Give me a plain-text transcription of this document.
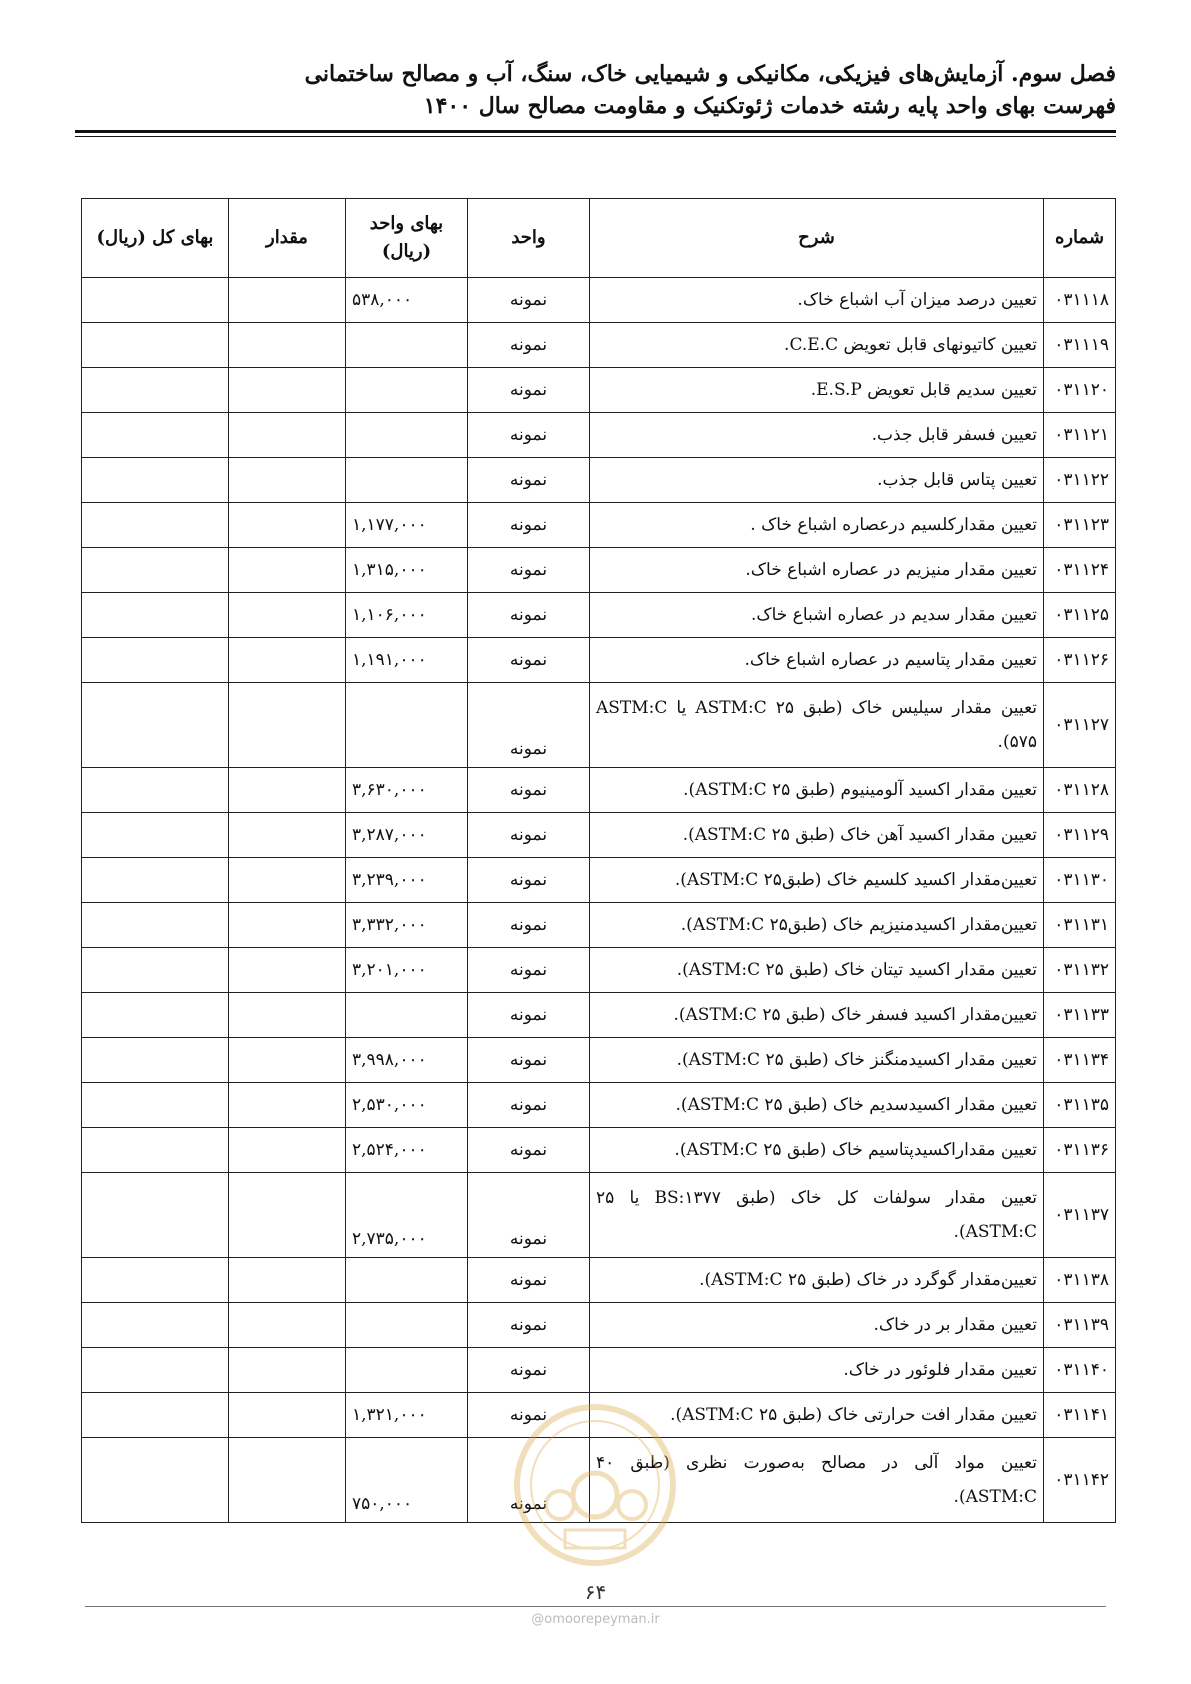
فصل سوم. آزمایش‌های فیزیکی، مکانیکی و شیمیایی خاک، سنگ، آب و مصالح ساختمانی
فهرست بهای واحد پایه رشته خدمات ژئوتکنیک و مقاومت مصالح سال ۱۴۰۰
شماره	شرح	واحد	بهای واحد (ریال)	مقدار	بهای کل (ریال)
۰۳۱۱۱۸	تعیین درصد میزان آب اشباع خاک.	نمونه	۵۳۸,۰۰۰		
۰۳۱۱۱۹	تعیین کاتیونهای قابل تعویض C.E.C.	نمونه			
۰۳۱۱۲۰	تعیین سدیم قابل تعویض E.S.P.	نمونه			
۰۳۱۱۲۱	تعیین فسفر قابل جذب.	نمونه			
۰۳۱۱۲۲	تعیین پتاس قابل جذب.	نمونه			
۰۳۱۱۲۳	تعیین مقدارکلسیم درعصاره اشباع خاک .	نمونه	۱,۱۷۷,۰۰۰		
۰۳۱۱۲۴	تعیین مقدار منیزیم در عصاره اشباع خاک.	نمونه	۱,۳۱۵,۰۰۰		
۰۳۱۱۲۵	تعیین مقدار سدیم در عصاره اشباع خاک.	نمونه	۱,۱۰۶,۰۰۰		
۰۳۱۱۲۶	تعیین مقدار پتاسیم در عصاره اشباع خاک.	نمونه	۱,۱۹۱,۰۰۰		
۰۳۱۱۲۷	تعیین مقدار سیلیس خاک (طبق ASTM:C ۲۵ یا ASTM:C ۵۷۵).	نمونه			
۰۳۱۱۲۸	تعیین مقدار اکسید آلومینیوم (طبق ASTM:C ۲۵).	نمونه	۳,۶۳۰,۰۰۰		
۰۳۱۱۲۹	تعیین مقدار اکسید آهن خاک (طبق ASTM:C ۲۵).	نمونه	۳,۲۸۷,۰۰۰		
۰۳۱۱۳۰	تعیین‌مقدار اکسید کلسیم خاک (طبق‌ASTM:C ۲۵).	نمونه	۳,۲۳۹,۰۰۰		
۰۳۱۱۳۱	تعیین‌مقدار اکسیدمنیزیم خاک (طبق‌ASTM:C ۲۵).	نمونه	۳,۳۳۲,۰۰۰		
۰۳۱۱۳۲	تعیین مقدار اکسید تیتان خاک (طبق ASTM:C ۲۵).	نمونه	۳,۲۰۱,۰۰۰		
۰۳۱۱۳۳	تعیین‌مقدار اکسید فسفر خاک (طبق ASTM:C ۲۵).	نمونه			
۰۳۱۱۳۴	تعیین مقدار اکسیدمنگنز خاک (طبق ASTM:C ۲۵).	نمونه	۳,۹۹۸,۰۰۰		
۰۳۱۱۳۵	تعیین مقدار اکسیدسدیم خاک (طبق ASTM:C ۲۵).	نمونه	۲,۵۳۰,۰۰۰		
۰۳۱۱۳۶	تعیین مقداراکسیدپتاسیم خاک (طبق ASTM:C ۲۵).	نمونه	۲,۵۲۴,۰۰۰		
۰۳۱۱۳۷	تعیین مقدار سولفات کل خاک (طبق BS:۱۳۷۷ یا ۲۵ ASTM:C).	نمونه	۲,۷۳۵,۰۰۰		
۰۳۱۱۳۸	تعیین‌مقدار گوگرد در خاک (طبق ۲۵ ASTM:C).	نمونه			
۰۳۱۱۳۹	تعیین مقدار بر در خاک.	نمونه			
۰۳۱۱۴۰	تعیین مقدار فلوئور در خاک.	نمونه			
۰۳۱۱۴۱	تعیین مقدار افت حرارتی خاک (طبق ۲۵ ASTM:C).	نمونه	۱,۳۲۱,۰۰۰		
۰۳۱۱۴۲	تعیین مواد آلی در مصالح به‌صورت نظری (طبق ۴۰ ASTM:C).	نمونه	۷۵۰,۰۰۰		
۶۴
@omoorepeyman.ir
